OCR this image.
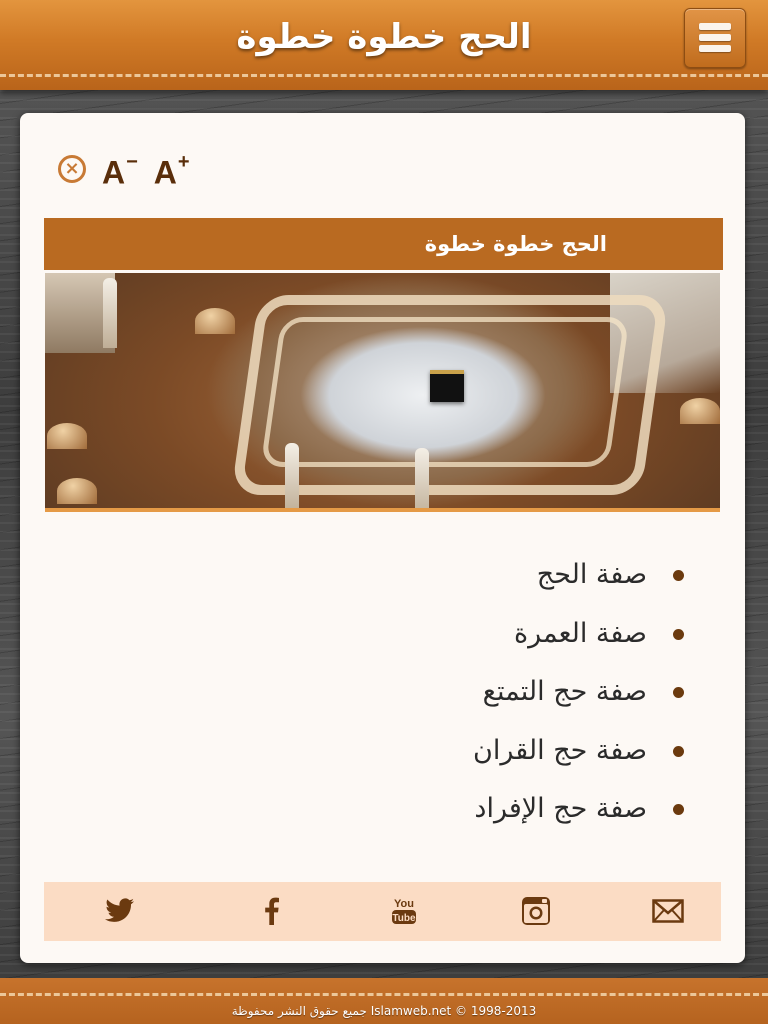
الحج خطوة خطوة
× A− A+
الحج خطوة خطوة
صفة الحج
صفة العمرة
صفة حج التمتع
صفة حج القران
صفة حج الإفراد
You
Tube
جميع حقوق النشر محفوظة Islamweb.net © 1998-2013
